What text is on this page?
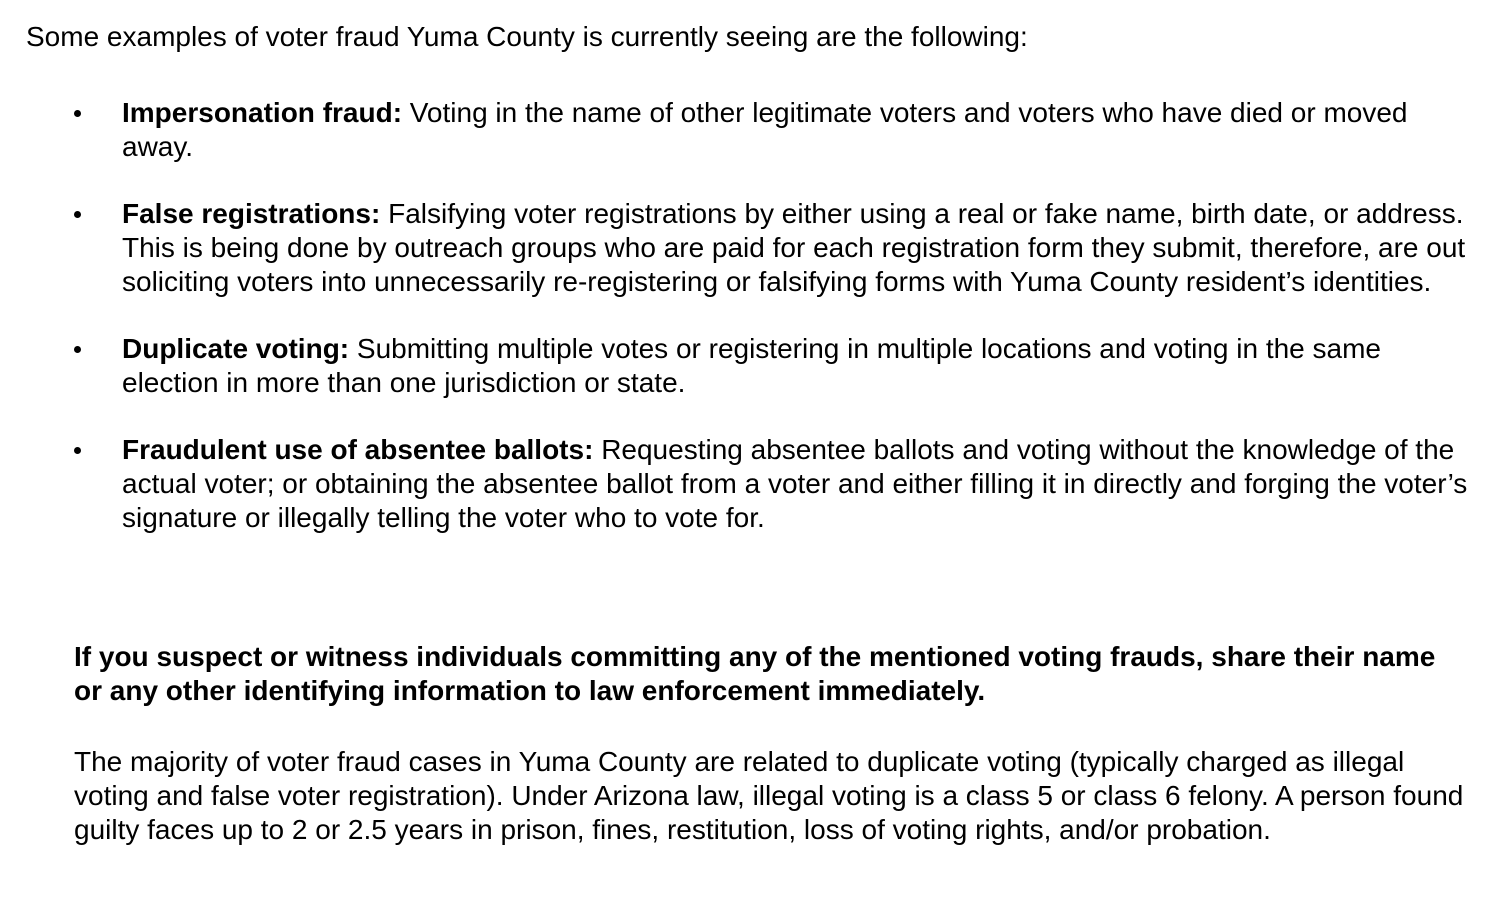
Some examples of voter fraud Yuma County is currently seeing are the following:

Impersonation fraud: Voting in the name of other legitimate voters and voters who have died or moved away.
False registrations: Falsifying voter registrations by either using a real or fake name, birth date, or address. This is being done by outreach groups who are paid for each registration form they submit, therefore, are out soliciting voters into unnecessarily re-registering or falsifying forms with Yuma County resident’s identities.
Duplicate voting: Submitting multiple votes or registering in multiple locations and voting in the same election in more than one jurisdiction or state.
Fraudulent use of absentee ballots: Requesting absentee ballots and voting without the knowledge of the actual voter; or obtaining the absentee ballot from a voter and either filling it in directly and forging the voter’s signature or illegally telling the voter who to vote for.

If you suspect or witness individuals committing any of the mentioned voting frauds, share their name or any other identifying information to law enforcement immediately.

The majority of voter fraud cases in Yuma County are related to duplicate voting (typically charged as illegal voting and false voter registration). Under Arizona law, illegal voting is a class 5 or class 6 felony. A person found guilty faces up to 2 or 2.5 years in prison, fines, restitution, loss of voting rights, and/or probation.
